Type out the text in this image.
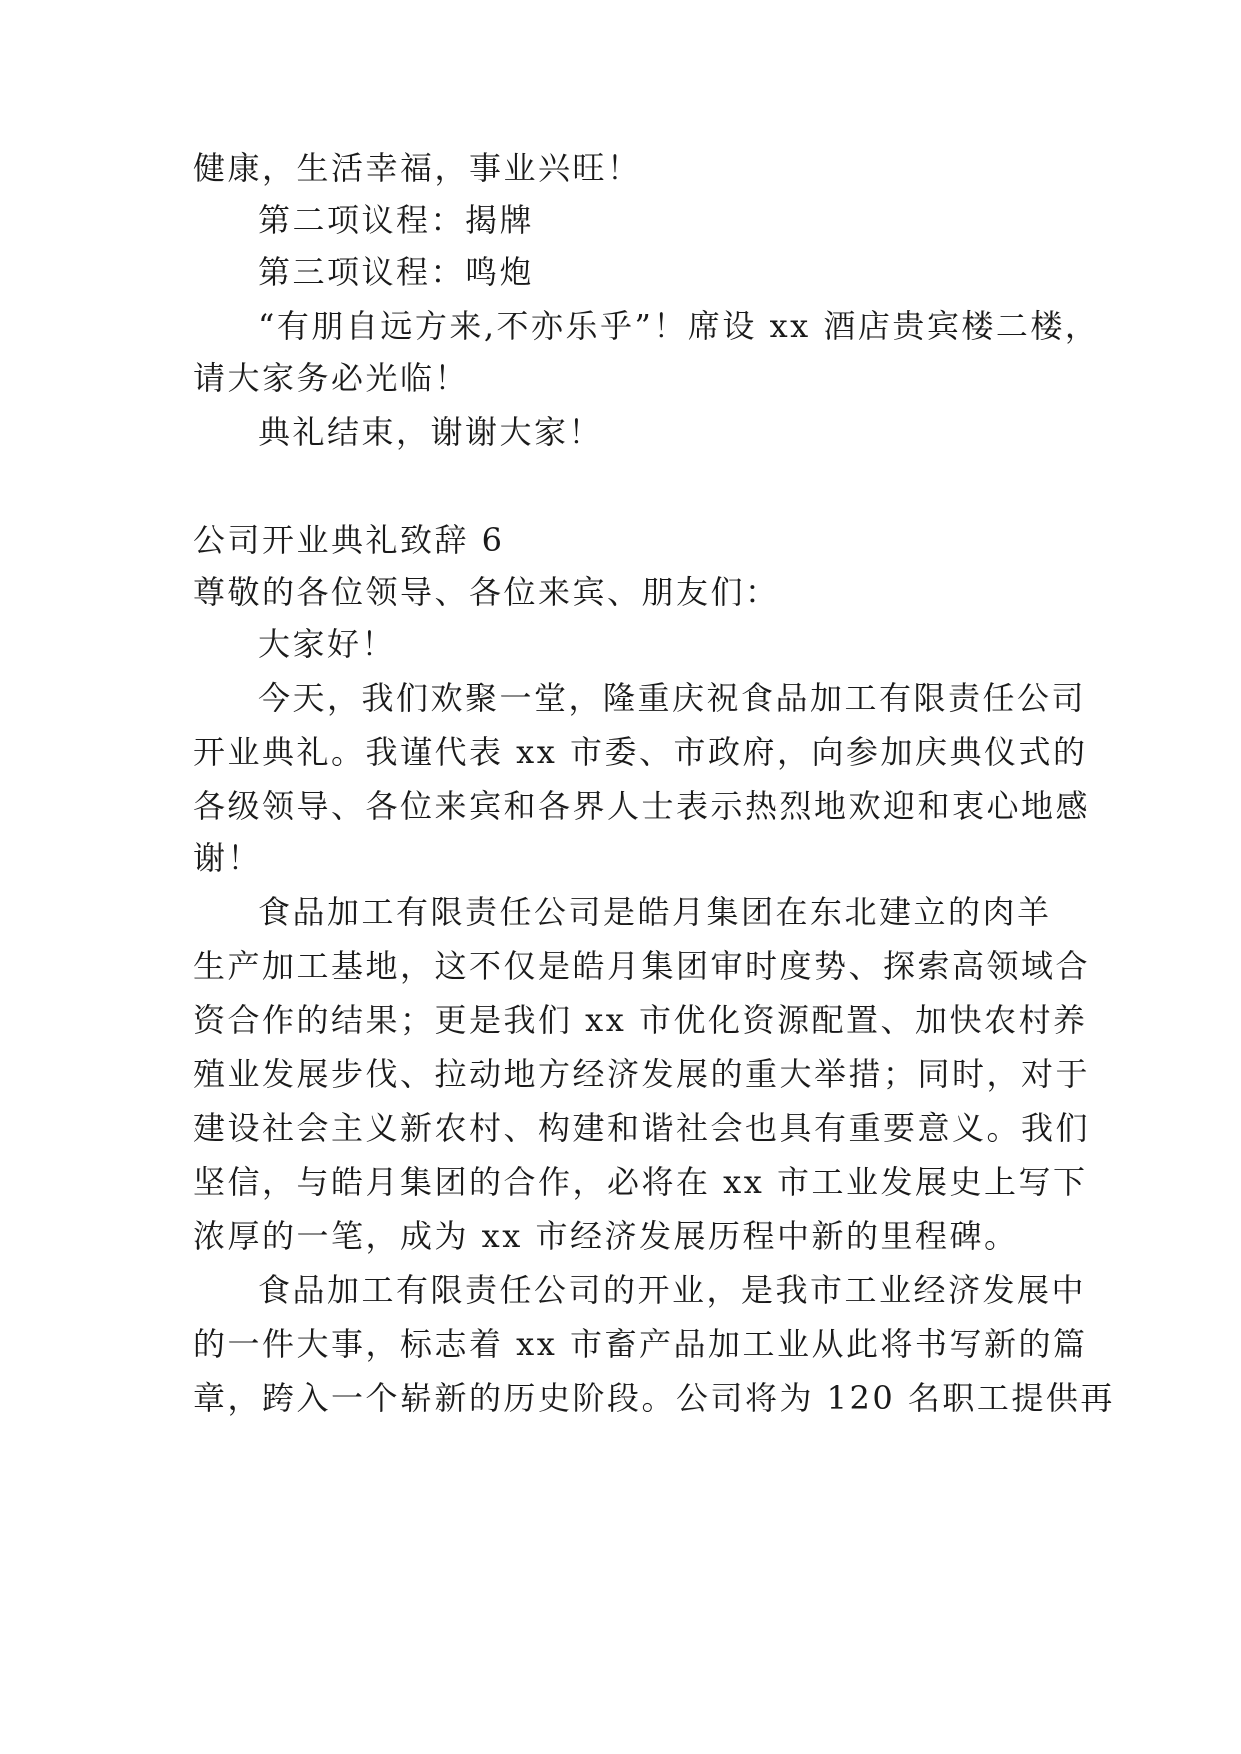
健康，生活幸福，事业兴旺！

第二项议程：揭牌

第三项议程：鸣炮

“有朋自远方来,不亦乐乎”！席设 xx 酒店贵宾楼二楼，

请大家务必光临！

典礼结束，谢谢大家！

公司开业典礼致辞 6

尊敬的各位领导、各位来宾、朋友们：

大家好！

今天，我们欢聚一堂，隆重庆祝食品加工有限责任公司

开业典礼。我谨代表 xx 市委、市政府，向参加庆典仪式的

各级领导、各位来宾和各界人士表示热烈地欢迎和衷心地感

谢！

食品加工有限责任公司是皓月集团在东北建立的肉羊

生产加工基地，这不仅是皓月集团审时度势、探索高领域合

资合作的结果；更是我们 xx 市优化资源配置、加快农村养

殖业发展步伐、拉动地方经济发展的重大举措；同时，对于

建设社会主义新农村、构建和谐社会也具有重要意义。我们

坚信，与皓月集团的合作，必将在 xx 市工业发展史上写下

浓厚的一笔，成为 xx 市经济发展历程中新的里程碑。

食品加工有限责任公司的开业，是我市工业经济发展中

的一件大事，标志着 xx 市畜产品加工业从此将书写新的篇

章，跨入一个崭新的历史阶段。公司将为 120 名职工提供再
